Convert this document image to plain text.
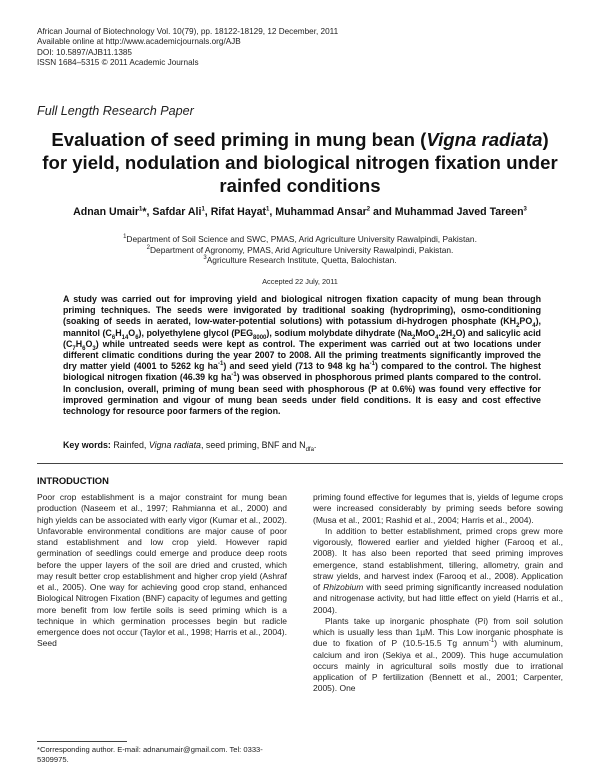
African Journal of Biotechnology Vol. 10(79), pp. 18122-18129, 12 December, 2011
Available online at http://www.academicjournals.org/AJB
DOI: 10.5897/AJB11.1385
ISSN 1684–5315 © 2011 Academic Journals
Full Length Research Paper
Evaluation of seed priming in mung bean (Vigna radiata) for yield, nodulation and biological nitrogen fixation under rainfed conditions
Adnan Umair$^1$*, Safdar Ali$^1$, Rifat Hayat$^1$, Muhammad Ansar$^2$ and Muhammad Javed Tareen$^3$
$^1$Department of Soil Science and SWC, PMAS, Arid Agriculture University Rawalpindi, Pakistan.
$^2$Department of Agronomy, PMAS, Arid Agriculture University Rawalpindi, Pakistan.
$^3$Agriculture Research Institute, Quetta, Balochistan.
Accepted 22 July, 2011
A study was carried out for improving yield and biological nitrogen fixation capacity of mung bean through priming techniques. The seeds were invigorated by traditional soaking (hydropriming), osmo-conditioning (soaking of seeds in aerated, low-water-potential solutions) with potassium di-hydrogen phosphate $(KH_2PO_4)$, mannitol $(C_6H_{14}O_6)$, polyethylene glycol $(PEG_{8000})$, sodium molybdate dihydrate $(Na_2MoO_4.2H_2O)$ and salicylic acid $(C_7H_6O_3)$ while untreated seeds were kept as control. The experiment was carried out at two locations under different climatic conditions during the year 2007 to 2008. All the priming treatments significantly improved the dry matter yield (4001 to 5262 kg $ha^{-1}$) and seed yield (713 to 948 kg $ha^{-1}$) compared to the control. The highest biological nitrogen fixation (46.39 kg $ha^{-1}$) was observed in phosphorous primed plants compared to the control. In conclusion, overall, priming of mung bean seed with phosphorous (P at 0.6%) was found very effective for improved germination and vigour of mung bean seeds under field conditions. It is easy and cost effective technology for resource poor farmers of the region.
Key words: Rainfed, Vigna radiata, seed priming, BNF and $N_{dfa}$.
INTRODUCTION

Poor crop establishment is a major constraint for mung bean production (Naseem et al., 1997; Rahmianna et al., 2000) and high yields can be associated with early vigor (Kumar et al., 2002). Unfavorable environmental conditions are major cause of poor stand establishment and low crop yield. However rapid germination of seedlings could emerge and produce deep roots before the upper layers of the soil are dried and crusted, which may result better crop establishment and higher crop yield (Ashraf et al., 2005). One way for achieving good crop stand, enhanced Biological Nitrogen Fixation (BNF) capacity of legumes and getting more benefit from low fertile soils is seed priming which is a technique in which germination processes begin but radicle emergence does not occur (Taylor et al., 1998; Harris et al., 2004). Seed

priming found effective for legumes that is, yields of legume crops were increased considerably by priming seeds before sowing (Musa et al., 2001; Rashid et al., 2004; Harris et al., 2004).

In addition to better establishment, primed crops grew more vigorously, flowered earlier and yielded higher (Farooq et al., 2008). It has also been reported that seed priming improves emergence, stand establishment, tillering, allometry, grain and straw yields, and harvest index (Farooq et al., 2008). Application of Rhizobium with seed priming significantly increased nodulation and nitrogenase activity, but had little effect on yield (Harris et al., 2004).

Plants take up inorganic phosphate (Pi) from soil solution which is usually less than 1µM. This Low inorganic phosphate is due to fixation of P (10.5-15.5 Tg annum$^{-1}$) with aluminum, calcium and iron (Sekiya et al., 2009). This huge accumulation occurs mainly in agricultural soils mostly due to irrational application of P fertilization (Bennett et al., 2001; Carpenter, 2005). One

*Corresponding author. E-mail: adnanumair@gmail.com. Tel: 0333-5309975.
